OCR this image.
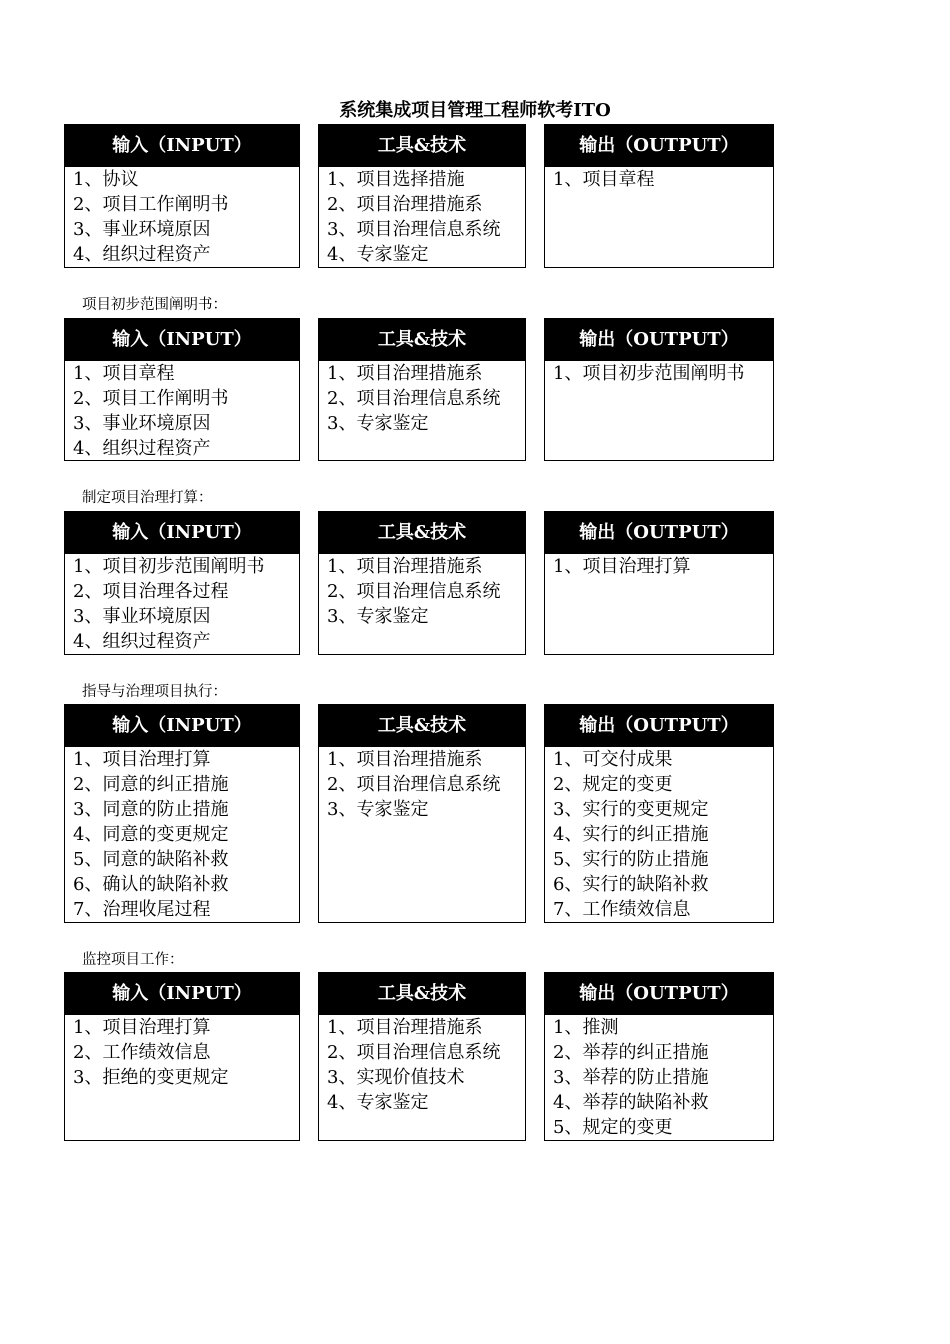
系统集成项目管理工程师软考ITO
输入（INPUT）
1、协议
2、项目工作阐明书
3、事业环境原因
4、组织过程资产
工具&技术
1、项目选择措施
2、项目治理措施系
3、项目治理信息系统
4、专家鉴定
输出（OUTPUT）
1、项目章程
项目初步范围阐明书：
输入（INPUT）
1、项目章程
2、项目工作阐明书
3、事业环境原因
4、组织过程资产
工具&技术
1、项目治理措施系
2、项目治理信息系统
3、专家鉴定
输出（OUTPUT）
1、项目初步范围阐明书
制定项目治理打算：
输入（INPUT）
1、项目初步范围阐明书
2、项目治理各过程
3、事业环境原因
4、组织过程资产
工具&技术
1、项目治理措施系
2、项目治理信息系统
3、专家鉴定
输出（OUTPUT）
1、项目治理打算
指导与治理项目执行：
输入（INPUT）
1、项目治理打算
2、同意的纠正措施
3、同意的防止措施
4、同意的变更规定
5、同意的缺陷补救
6、确认的缺陷补救
7、治理收尾过程
工具&技术
1、项目治理措施系
2、项目治理信息系统
3、专家鉴定
输出（OUTPUT）
1、可交付成果
2、规定的变更
3、实行的变更规定
4、实行的纠正措施
5、实行的防止措施
6、实行的缺陷补救
7、工作绩效信息
监控项目工作：
输入（INPUT）
1、项目治理打算
2、工作绩效信息
3、拒绝的变更规定
工具&技术
1、项目治理措施系
2、项目治理信息系统
3、实现价值技术
4、专家鉴定
输出（OUTPUT）
1、推测
2、举荐的纠正措施
3、举荐的防止措施
4、举荐的缺陷补救
5、规定的变更
